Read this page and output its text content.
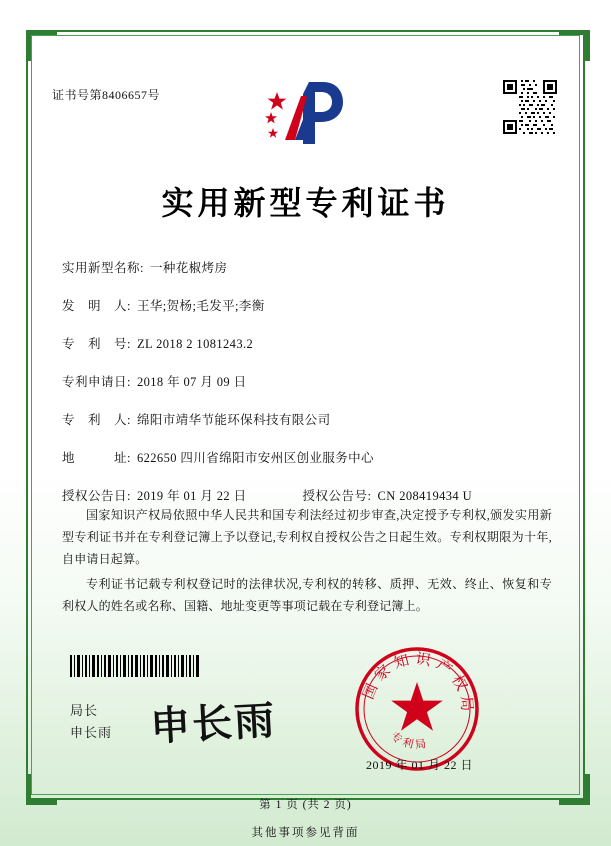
证书号第8406657号
实用新型专利证书
实用新型名称: 一种花椒烤房
发　明　人: 王华;贺杨;毛发平;李衡
专　利　号: ZL 2018 2 1081243.2
专利申请日: 2018 年 07 月 09 日
专　利　人: 绵阳市靖华节能环保科技有限公司
地　　　址: 622650 四川省绵阳市安州区创业服务中心
授权公告日: 2019 年 01 月 22 日	授权公告号: CN 208419434 U

国家知识产权局依照中华人民共和国专利法经过初步审查,决定授予专利权,颁发实用新型专利证书并在专利登记簿上予以登记,专利权自授权公告之日起生效。专利权期限为十年,自申请日起算。

专利证书记载专利权登记时的法律状况,专利权的转移、质押、无效、终止、恢复和专利权人的姓名或名称、国籍、地址变更等事项记载在专利登记簿上。

局长
申长雨 申长雨
国家知识产权局
专利局
2019 年 01 月 22 日
第 1 页 (共 2 页)
其他事项参见背面
